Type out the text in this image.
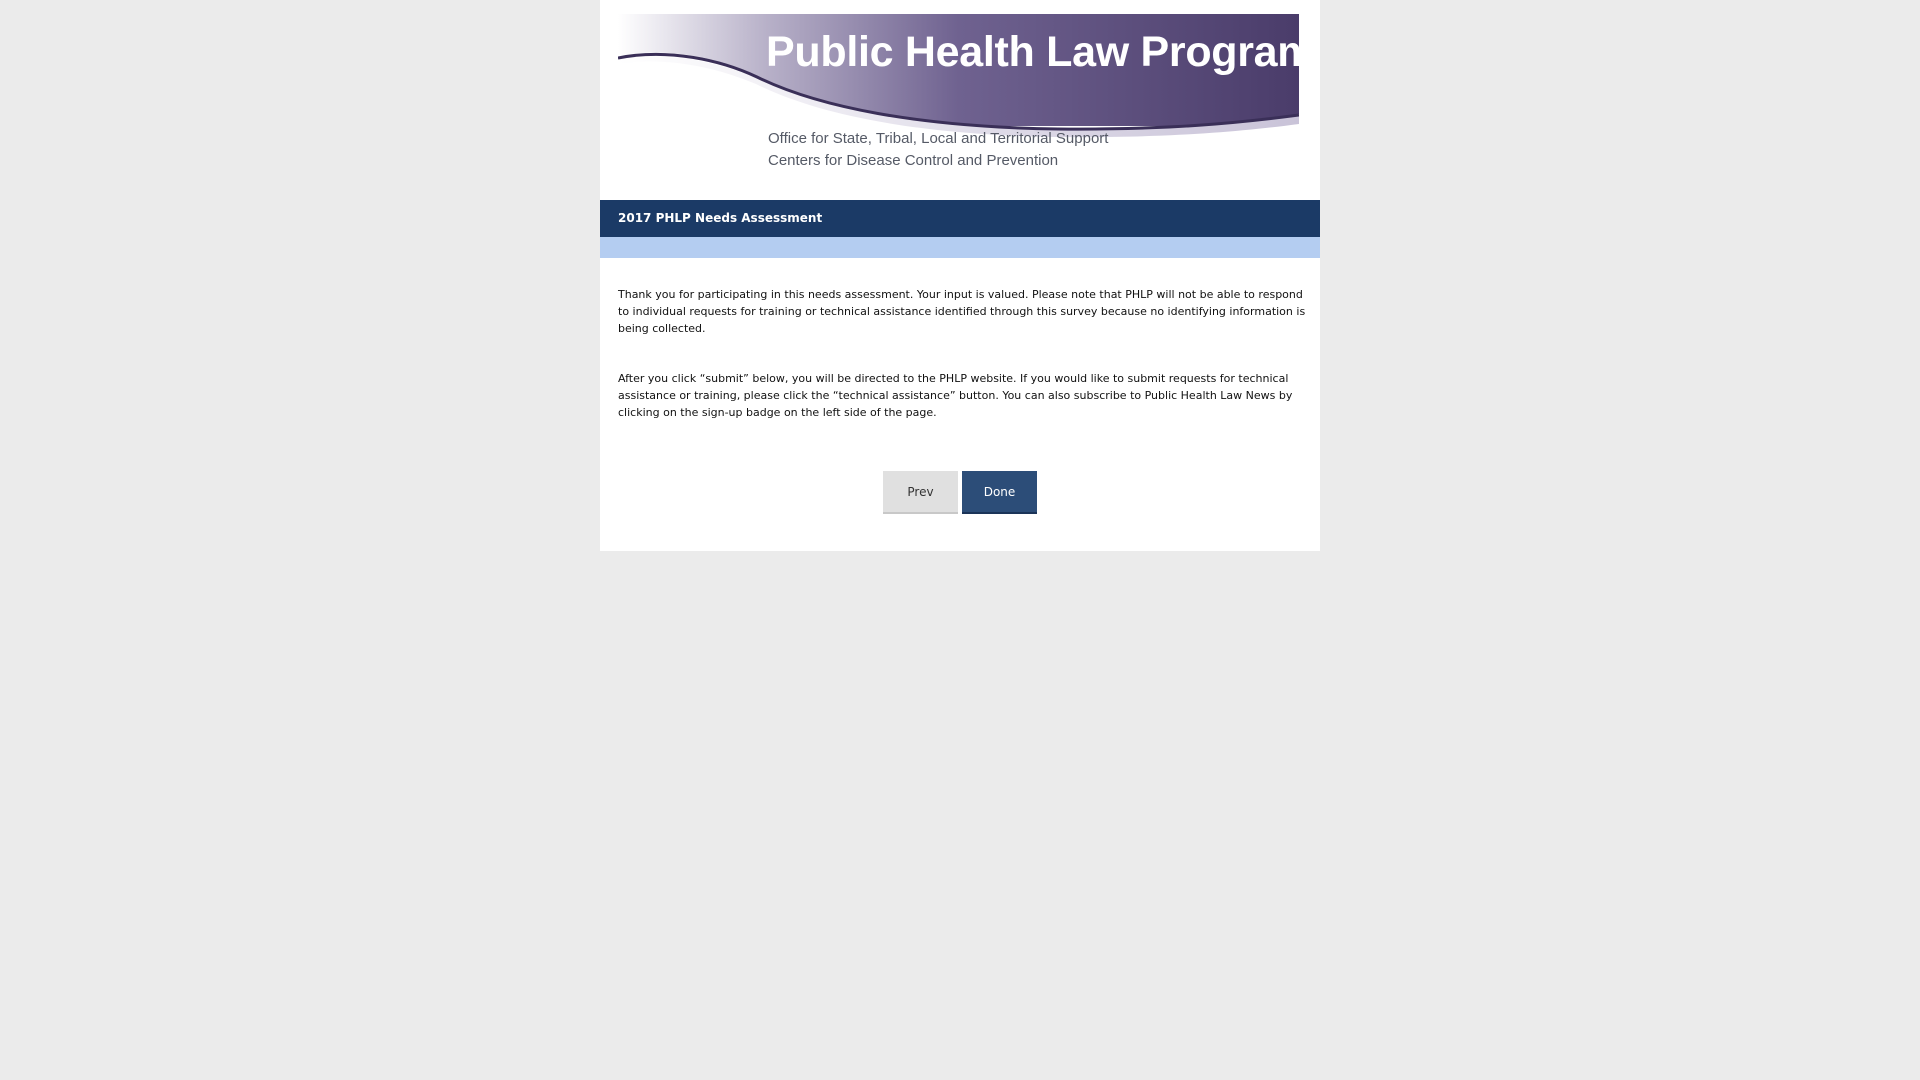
Public Health Law Program
Office for State, Tribal, Local and Territorial Support
Centers for Disease Control and Prevention
2017 PHLP Needs Assessment
Thank you for participating in this needs assessment. Your input is valued. Please note that PHLP will not be able to respond to individual requests for training or technical assistance identified through this survey because no identifying information is being collected.
After you click “submit” below, you will be directed to the PHLP website. If you would like to submit requests for technical assistance or training, please click the “technical assistance” button. You can also subscribe to Public Health Law News by clicking on the sign-up badge on the left side of the page.
Prev	Done
